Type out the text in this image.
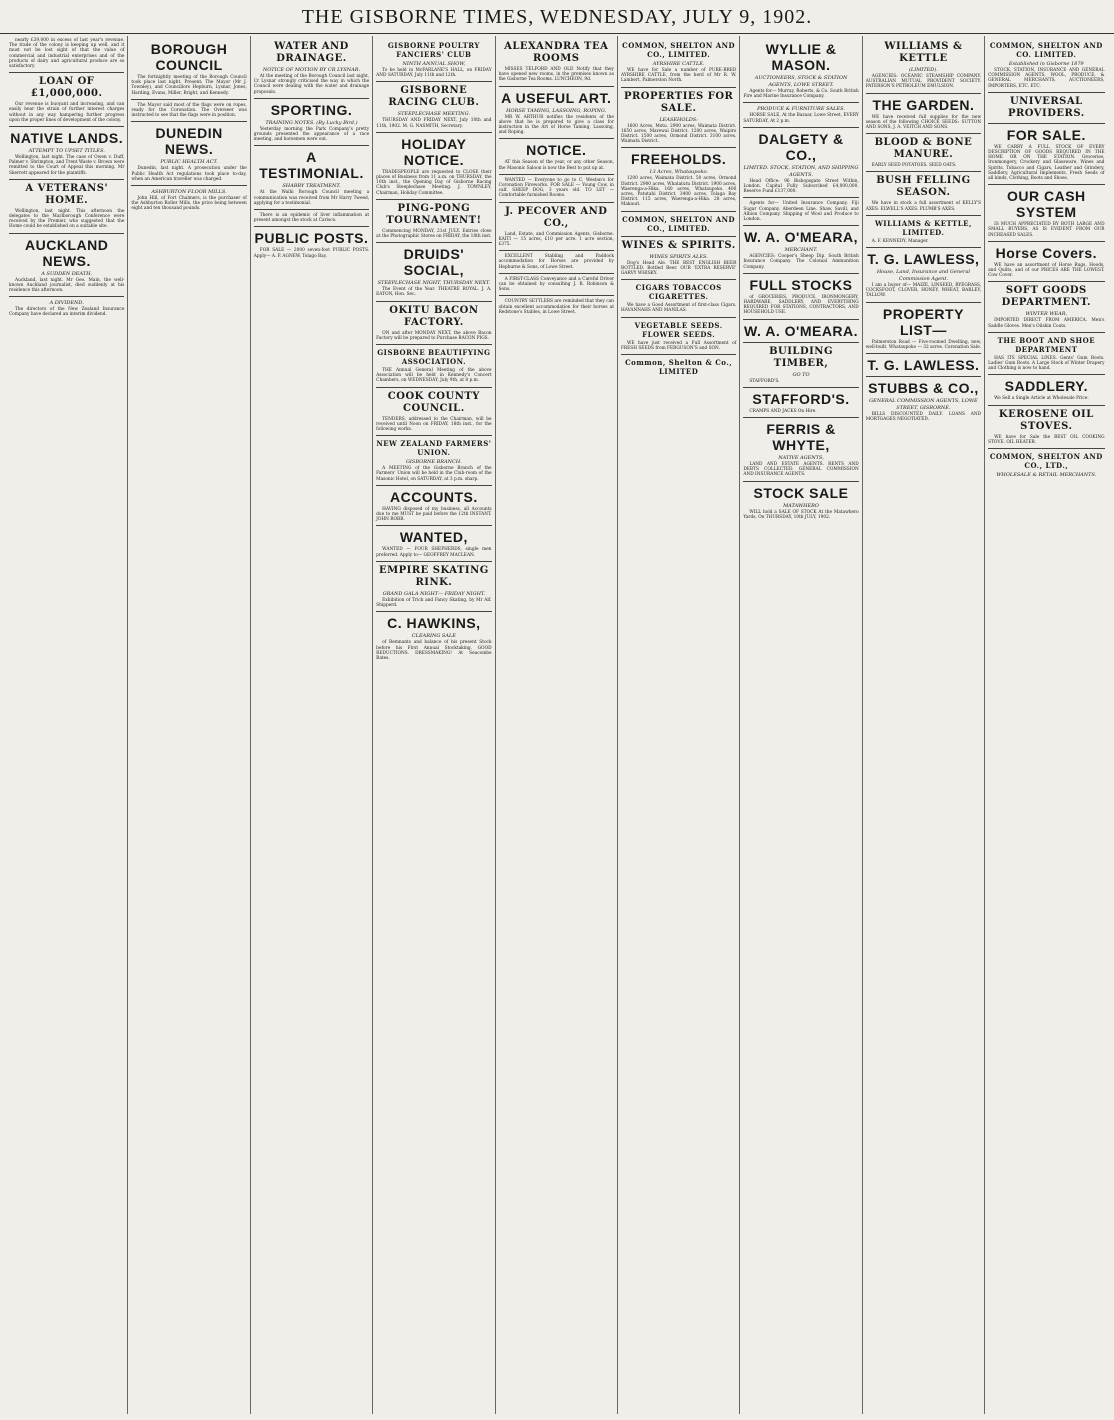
THE GISBORNE TIMES, WEDNESDAY, JULY 9, 1902.
nearly £39,000 in excess of last year's revenue. The trade of the colony is keeping up well, and it must not be lost sight of that the value of commercial and industrial enterprises and of the products of dairy and agricultural produce are so satisfactory.
LOAN OF £1,000,000.
Our revenue is buoyant and increasing, and can easily bear the strain of further interest charges without in any way hampering further progress upon the proper lines of development of the colony.
NATIVE LANDS.
ATTEMPT TO UPSET TITLES.
Wellington, last night. The case of Owen v. Duff, Palmer v. Shrimpton, and Trent Waste v. Brown were remitted to the Court of Appeal this morning. Mr Skerrett appeared for the plaintiffs.
A VETERANS' HOME.
Wellington, last night. This afternoon the delegates to the Marlborough Conference were received by the Premier, who suggested that the Home could be established on a suitable site.
AUCKLAND NEWS.
A SUDDEN DEATH.
Auckland, last night. Mr Geo. Main, the well-known Auckland journalist, died suddenly at his residence this afternoon.
A DIVIDEND.
The directors of the New Zealand Insurance Company have declared an interim dividend.
BOROUGH COUNCIL
The fortnightly meeting of the Borough Council took place last night. Present: The Mayor (Mr J. Townley), and Councillors Hepburn, Lysnar, Jones, Harding, Evans, Miller, Bright, and Kennedy.
The Mayor said most of the flags were on ropes, ready for the Coronation. The Overseer was instructed to see that the flags were in position.
DUNEDIN NEWS.
PUBLIC HEALTH ACT.
Dunedin, last night. A prosecution under the Public Health Act regulations took place to-day, when an American traveller was charged.
ASHBURTON FLOOR MILLS.
John Hill, of Fort Chalmers, is the purchaser of the Ashburton Roller Mills, the price being between eight and ten thousand pounds.
WATER AND DRAINAGE.
NOTICE OF MOTION BY CR LYSNAR.
At the meeting of the Borough Council last night, Cr Lysnar strongly criticised the way in which the Council were dealing with the water and drainage proposals.
SPORTING.
TRAINING NOTES. (By Lucky Bird.)
Yesterday morning the Park Company's pretty grounds presented the appearance of a race meeting, and horsemen were out.
A TESTIMONIAL.
SHABBY TREATMENT.
At the Waihi Borough Council meeting a communication was received from Mr Harry Tweed, applying for a testimonial.
There is an epidemic of liver inflammation at present amongst the stock at Carisco.
PUBLIC POSTS.
FOR SALE — 2000 seven-foot PUBLIC POSTS. Apply— A. P. AGNEW, Tolago Bay.
GISBORNE POULTRY FANCIERS' CLUB
NINTH ANNUAL SHOW,
To be held in McFARLANE'S HALL, on FRIDAY AND SATURDAY, July 11th and 12th.
GISBORNE RACING CLUB.
STEEPLECHASE MEETING.
THURSDAY AND FRIDAY NEXT, July 10th and 11th, 1902. M. G. NASMITH, Secretary.
HOLIDAY NOTICE.
TRADESPEOPLE are requested to CLOSE their places of Business from 11 a.m. on THURSDAY, the 10th inst., the Opening Day of Gisborne Racing Club's Steeplechase Meeting. J. TOWNLEY, Chairman, Holiday Committee.
PING-PONG TOURNAMENT!
Commencing MONDAY, 21st JULY. Entries close at the Photographic Stores on FRIDAY, the 18th inst.
DRUIDS' SOCIAL,
STEEPLECHASE NIGHT, THURSDAY NEXT.
The Event of the Year. THEATRE ROYAL. J. A. EATON, Hon. Sec.
OKITU BACON FACTORY.
ON and after MONDAY NEXT, the above Bacon Factory will be prepared to Purchase BACON PIGS.
GISBORNE BEAUTIFYING ASSOCIATION.
THE Annual General Meeting of the above Association will be held in Kennedy's Concert Chambers, on WEDNESDAY, July 9th, at 8 p.m.
COOK COUNTY COUNCIL.
TENDERS, addressed to the Chairman, will be received until Noon on FRIDAY, 18th inst., for the following works.
NEW ZEALAND FARMERS' UNION.
GISBORNE BRANCH.
A MEETING of the Gisborne Branch of the Farmers' Union will be held in the Club-room of the Masonic Hotel, on SATURDAY, at 3 p.m. sharp.
ACCOUNTS.
HAVING disposed of my business, all Accounts due to me MUST be paid before the 12th INSTANT. JOHN ROBB.
WANTED,
WANTED — FOUR SHEPHERDS, single men preferred. Apply to— GEOFFREY MACLEAN.
EMPIRE SKATING RINK.
GRAND GALA NIGHT— FRIDAY NIGHT.
Exhibition of Trick and Fancy Skating, by Mr Alf. Shipperd.
C. HAWKINS,
CLEARING SALE
of Remnants and balance of his present Stock before his First Annual Stocktaking. GOOD REDUCTIONS. DRESSMAKING! At Seacombe Bates.
ALEXANDRA TEA ROOMS
MISSES TELFORD AND OLD Notify that they have opened new rooms, in the premises known as the Gisborne Tea Rooms. LUNCHEON, 9d.
A USEFUL ART.
HORSE TAMING, LASSOING, ROPING.
MR W. ARTHUR notifies the residents of the above that he is prepared to give a class for instruction in the Art of Horse Taming, Lassoing, and Roping.
NOTICE.
AT this Season of the year, or any other Season, the Masonic Saloon is now the Best to put up at.
WANTED — Everyone to go to C. Weston's for Coronation Fireworks. FOR SALE — Young Cow, in calf. SHEEP DOG, 3 years old. TO LET — Comfortable furnished Rooms.
J. PECOVER AND CO.,
Land, Estate, and Commission Agents, Gisborne. KAITI — 15 acres, £10 per acre. 1 acre section, £375.
EXCELLENT Stabling and Paddock accommodation for Horses are provided by Hepburne & Sons, of Lowe Street.
A FIRST-CLASS Conveyance and a Careful Driver can be obtained by consulting J. B. Robinson & Sons.
COUNTRY SETTLERS are reminded that they can obtain excellent accommodation for their horses at Redstone's Stables, in Lowe Street.
COMMON, SHELTON AND CO., LIMITED.
AYRSHIRE CATTLE.
WE have for Sale a number of PURE-BRED AYRSHIRE CATTLE, from the herd of Mr R. W. Lambert, Palmerston North.
PROPERTIES FOR SALE.
LEASEHOLDS:
1600 Acres, Motu. 2900 acres, Waimata District. 1650 acres, Marewai District. 1200 acres, Waipiro District. 1500 acres, Ormond District. 3100 acres, Waimata District.
FREEHOLDS.
13 Acres, Whataupoko.
1200 acres, Waimata District. 50 acres, Ormond District. 2900 acres, Whatatutu District. 1900 acres, Waerenga-a-Hika. 160 acres, Whataupoko. 400 acres, Patutahi District. 3400 acres, Tolaga Bay District. 115 acres, Waerenga-a-Hika. 28 acres, Makauri.
COMMON, SHELTON AND CO., LIMITED.
WINES & SPIRITS.
WINES SPIRITS ALES.
Dog's Head Ale. THE BEST ENGLISH BEER BOTTLED. Bottled Beer. OUR 'EXTRA RESERVE' GARVY WHISKY.
CIGARS TOBACCOS CIGARETTES.
We have a Good Assortment of first-class Cigars. HAVANNAHS AND MANILAS.
VEGETABLE SEEDS. FLOWER SEEDS.
WE have just received a Full Assortment of FRESH SEEDS from FERGUSON'S and SON.
Common, Shelton & Co., LIMITED
WYLLIE & MASON.
AUCTIONEERS, STOCK & STATION AGENTS, LOWE STREET.
Agents for— Murray, Roberts, & Co. South British Fire and Marine Insurance Company.
PRODUCE & FURNITURE SALES.
HORSE SALE, At the Bazaar, Lowe Street, EVERY SATURDAY, At 2 p.m.
DALGETY & CO.,
LIMITED. STOCK, STATION, AND SHIPPING AGENTS.
Head Office: 96 Bishopsgate Street Within, London. Capital Fully Subscribed £4,000,000. Reserve Fund £137,000.
Agents for— United Insurance Company. Fiji Sugar Company. Aberdeen Line. Shaw, Savill, and Albion Company. Shipping of Wool and Produce to London.
W. A. O'MEARA,
MERCHANT.
AGENCIES: Cooper's Sheep Dip. South British Insurance Company. The Colonial Ammunition Company.
FULL STOCKS
of GROCERIES, PRODUCE, IRONMONGERY, HARDWARE, SADDLERY, AND EVERYTHING REQUIRED FOR STATIONS, CONTRACTORS, AND HOUSEHOLD USE.
W. A. O'MEARA.
BUILDING TIMBER,
GO TO
STAFFORD'S.
STAFFORD'S.
CRAMPS AND JACKS On Hire.
FERRIS & WHYTE,
NATIVE AGENTS,
LAND AND ESTATE AGENTS. RENTS AND DEBTS COLLECTED. GENERAL COMMISSION AND INSURANCE AGENTS.
STOCK SALE
MATAWHERO
WILL hold a SALE OF STOCK At the Matawhero Yards, On THURSDAY, 10th JULY, 1902.
WILLIAMS & KETTLE
(LIMITED).
AGENCIES: OCEANIC STEAMSHIP COMPANY. AUSTRALIAN MUTUAL PROVIDENT SOCIETY. PATERSON'S PETROLEUM EMULSION.
THE GARDEN.
WE have received full supplies for the new season of the following CHOICE SEEDS: SUTTON AND SONS, J. A. VEITCH AND SONS.
BLOOD & BONE MANURE.
EARLY SEED POTATOES. SEED OATS.
BUSH FELLING SEASON.
We have in stock a full assortment of KELLY'S AXES. ELWELL'S AXES. PLUMB'S AXES.
WILLIAMS & KETTLE, LIMITED.
A. F. KENNEDY, Manager.
T. G. LAWLESS,
House, Land, Insurance and General Commission Agent.
I am a buyer of— MAIZE, LINSEED, RYEGRASS, COCKSFOOT, CLOVER, HONEY, WHEAT, BARLEY, TALLOW.
PROPERTY LIST—
Palmerston Road — Five-roomed Dwelling, new, well-built. Whataupoko — 32 acres. Coronation Sale.
T. G. LAWLESS.
STUBBS & CO.,
GENERAL COMMISSION AGENTS, LOWE STREET, GISBORNE.
BILLS DISCOUNTED DAILY. LOANS AND MORTGAGES NEGOTIATED.
COMMON, SHELTON AND CO. LIMITED.
Established in Gisborne 1879
STOCK, STATION, INSURANCE AND GENERAL COMMISSION AGENTS, WOOL, PRODUCE, & GENERAL MERCHANTS, AUCTIONEERS, IMPORTERS, ETC. ETC.
UNIVERSAL PROVIDERS.
FOR SALE.
WE CARRY A FULL STOCK OF EVERY DESCRIPTION OF GOODS REQUIRED IN THE HOME OR ON THE STATION. Groceries, Ironmongery, Crockery and Glassware, Wines and Spirits, Tobacco and Cigars, Leather and Grindery, Saddlery, Agricultural Implements, Fresh Seeds of all kinds, Clothing, Boots and Shoes.
OUR CASH SYSTEM
IS MUCH APPRECIATED BY BOTH LARGE AND SMALL BUYERS, AS IS EVIDENT FROM OUR INCREASED SALES.
Horse Covers.
WE have an assortment of Horse Rugs, Hoods, and Quilts, and of our PRICES ARE THE LOWEST. Cow Cover.
SOFT GOODS DEPARTMENT.
WINTER WEAR,
IMPORTED DIRECT FROM AMERICA. Men's Saddle Gloves. Men's Oilskin Coats.
THE BOOT AND SHOE DEPARTMENT
HAS ITS SPECIAL LINES. Gents' Gum Boots. Ladies' Gum Boots. A Large Stock of Winter Drapery and Clothing is now to hand.
SADDLERY.
We Sell a Single Article at Wholesale Price.
KEROSENE OIL STOVES.
WE have for Sale the BEST OIL COOKING STOVE. OIL HEATER.
COMMON, SHELTON AND CO., LTD.,
WHOLESALE & RETAIL MERCHANTS.
